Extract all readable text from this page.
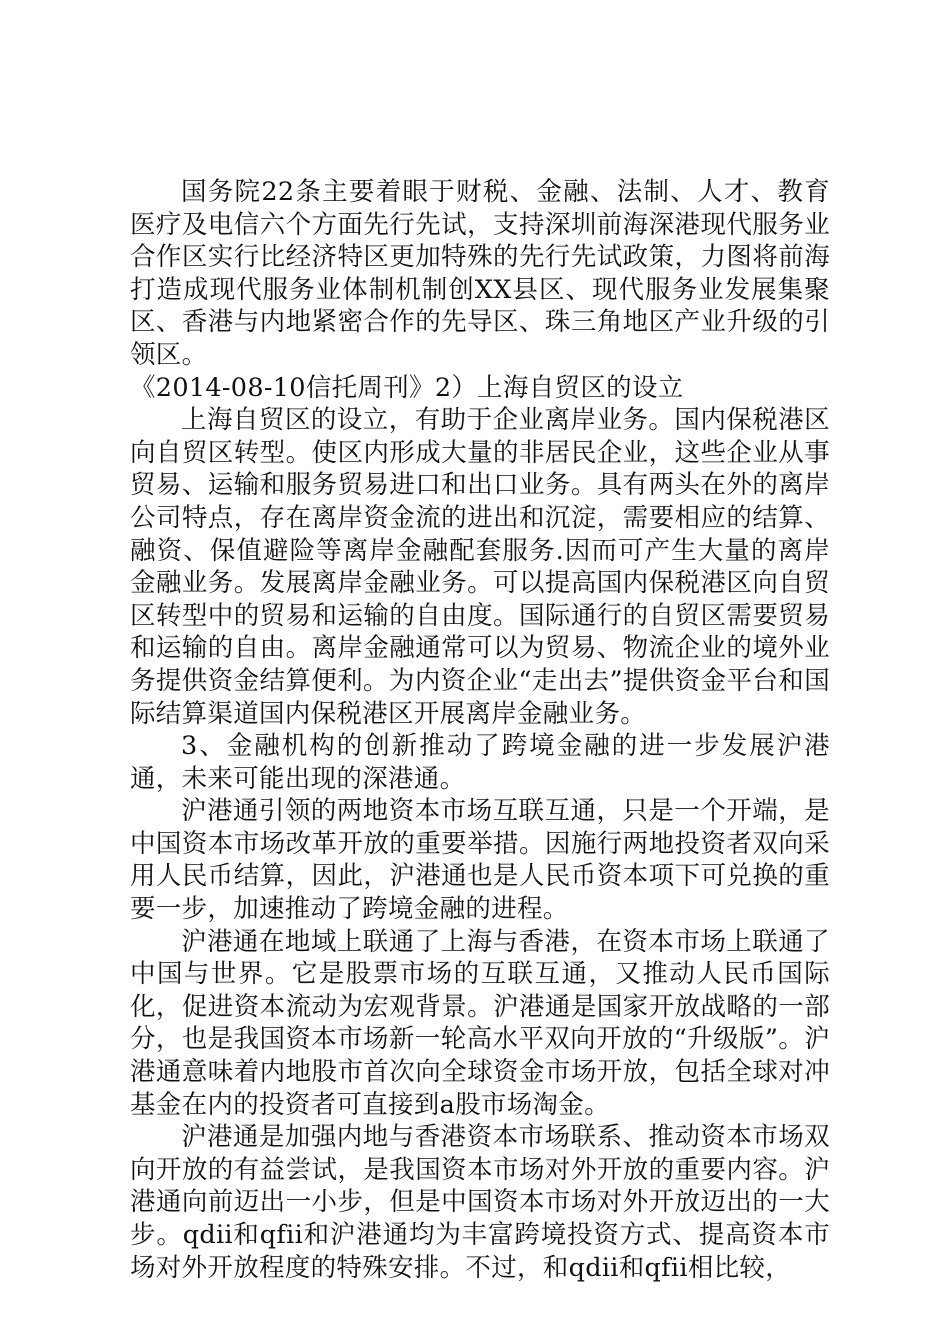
国务院22条主要着眼于财税、金融、法制、人才、教育医疗及电信六个方面先行先试，支持深圳前海深港现代服务业合作区实行比经济特区更加特殊的先行先试政策，力图将前海打造成现代服务业体制机制创XX县区、现代服务业发展集聚区、香港与内地紧密合作的先导区、珠三角地区产业升级的引领区。

《2014-08-10信托周刊》2）上海自贸区的设立

上海自贸区的设立，有助于企业离岸业务。国内保税港区向自贸区转型。使区内形成大量的非居民企业，这些企业从事贸易、运输和服务贸易进口和出口业务。具有两头在外的离岸公司特点，存在离岸资金流的进出和沉淀，需要相应的结算、融资、保值避险等离岸金融配套服务.因而可产生大量的离岸金融业务。发展离岸金融业务。可以提高国内保税港区向自贸区转型中的贸易和运输的自由度。国际通行的自贸区需要贸易和运输的自由。离岸金融通常可以为贸易、物流企业的境外业务提供资金结算便利。为内资企业“走出去”提供资金平台和国际结算渠道国内保税港区开展离岸金融业务。

3、金融机构的创新推动了跨境金融的进一步发展沪港通，未来可能出现的深港通。

沪港通引领的两地资本市场互联互通，只是一个开端，是中国资本市场改革开放的重要举措。因施行两地投资者双向采用人民币结算，因此，沪港通也是人民币资本项下可兑换的重要一步，加速推动了跨境金融的进程。

沪港通在地域上联通了上海与香港，在资本市场上联通了中国与世界。它是股票市场的互联互通，又推动人民币国际化，促进资本流动为宏观背景。沪港通是国家开放战略的一部分，也是我国资本市场新一轮高水平双向开放的“升级版”。沪港通意味着内地股市首次向全球资金市场开放，包括全球对冲基金在内的投资者可直接到a股市场淘金。

沪港通是加强内地与香港资本市场联系、推动资本市场双向开放的有益尝试，是我国资本市场对外开放的重要内容。沪港通向前迈出一小步，但是中国资本市场对外开放迈出的一大步。qdii和qfii和沪港通均为丰富跨境投资方式、提高资本市场对外开放程度的特殊安排。不过，和qdii和qfii相比较，
